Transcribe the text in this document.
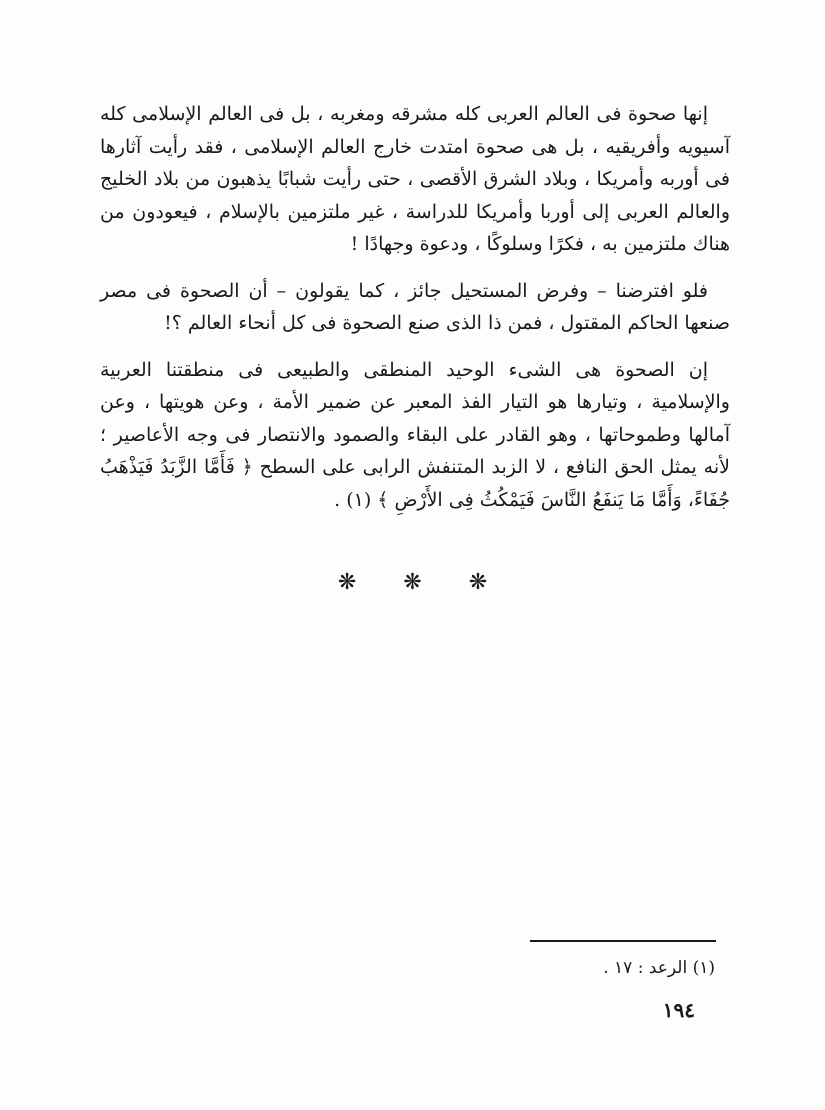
إنها صحوة فى العالم العربى كله مشرقه ومغربه ، بل فى العالم الإسلامى كله آسيويه وأفريقيه ، بل هى صحوة امتدت خارج العالم الإسلامى ، فقد رأيت آثارها فى أوربه وأمريكا ، وبلاد الشرق الأقصى ، حتى رأيت شبابًا يذهبون من بلاد الخليج والعالم العربى إلى أوربا وأمريكا للدراسة ، غير ملتزمين بالإسلام ، فيعودون من هناك ملتزمين به ، فكرًا وسلوكًا ، ودعوة وجهادًا !

فلو افترضنا – وفرض المستحيل جائز ، كما يقولون – أن الصحوة فى مصر صنعها الحاكم المقتول ، فمن ذا الذى صنع الصحوة فى كل أنحاء العالم ؟!

إن الصحوة هى الشىء الوحيد المنطقى والطبيعى فى منطقتنا العربية والإسلامية ، وتيارها هو التيار الفذ المعبر عن ضمير الأمة ، وعن هويتها ، وعن آمالها وطموحاتها ، وهو القادر على البقاء والصمود والانتصار فى وجه الأعاصير ؛ لأنه يمثل الحق النافع ، لا الزبد المتنفش الرابى على السطح ﴿ فَأَمَّا الزَّبَدُ فَيَذْهَبُ جُفَاءً، وَأَمَّا مَا يَنفَعُ النَّاسَ فَيَمْكُثُ فِى الأَرْضِ ﴾ (١) .

❋ ❋ ❋
(١) الرعد : ١٧ .
١٩٤
